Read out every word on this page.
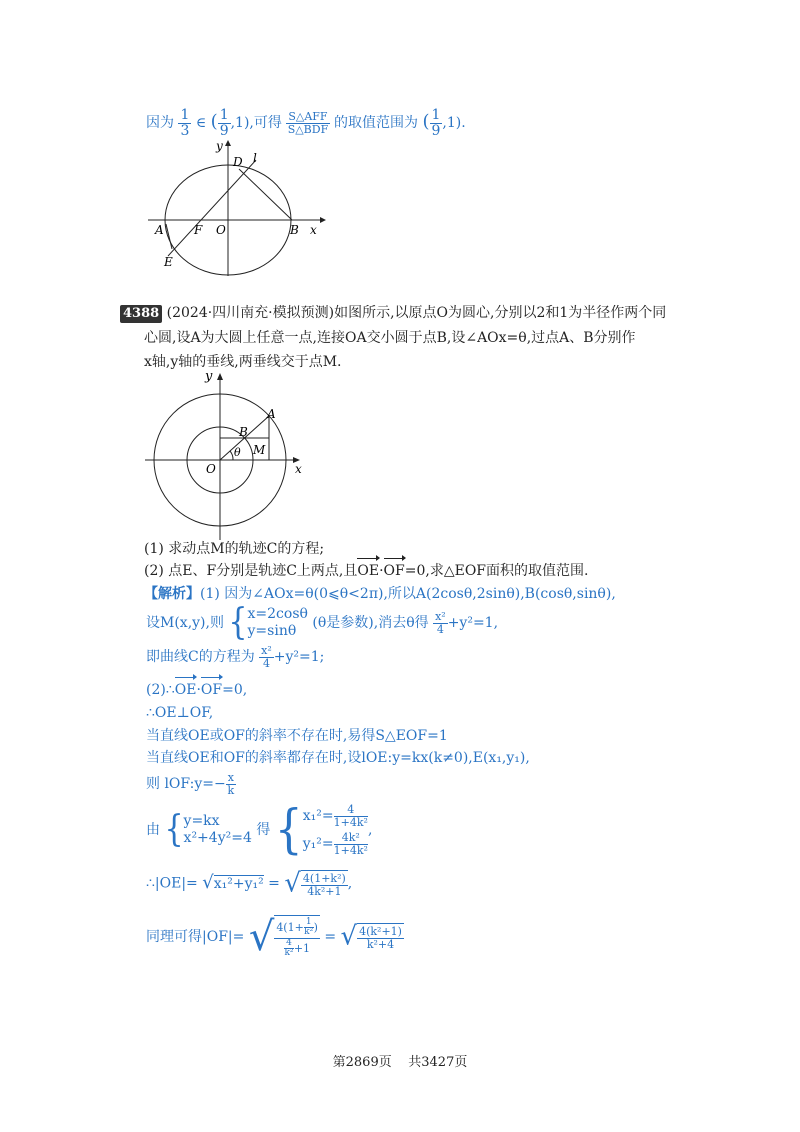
因为 $\frac{1}{3}$ ∈ ( $\frac{1}{9} ,1$),可得 $\frac{\text{S△AFF}}{\text{S△BDF}}$ 的取值范围为 ( $\frac{1}{9} ,1$).
y
D l
A	F O	B x
E
4388 (2024·四川南充·模拟预测)如图所示,以原点O为圆心,分别以2和1为半径作两个同
心圆,设A为大圆上任意一点,连接OA交小圆于点B,设∠AOx=θ,过点A、B分别作
x轴,y轴的垂线,两垂线交于点M.
y
A
B
θ M
O	x
(1) 求动点M的轨迹C的方程;
(2) 点E、F分别是轨迹C上两点,且OE·OF=0,求△EOF面积的取值范围.
【解析】(1) 因为∠AOx=θ(0⩽θ<2π),所以A(2cosθ,2sinθ),B(cosθ,sinθ),
设M(x,y),则 { x=2cosθ
y=sinθ	(θ是参数),消去θ得 $\frac{\text{x²}}{4} +y^2=1$,
即曲线C的方程为 $\frac{\text{x²}}{4} +y^2=1$;
(2)∴OE·OF=0,
∴OE⊥OF,
当直线OE或OF的斜率不存在时,易得S△EOF=1
当直线OE和OF的斜率都存在时,设lOE:y=kx(k≠0),E(x₁,y₁),
则 lOF:y=− $\frac{x}{k}$
由 { y=kx
x²+4y²=4 得 { $x_1^2= \frac{4}{\text{1+4k²}}$
$y_1^2= \frac{\text{4k²}}{\text{1+4k²}}$
,
∴|OE|= √x₁²+y₁² = √ $\frac{\text{4(1+k²)}}{\text{4k²+1}}$ ,
同理可得|OF|= √ $\frac{4(1+ \frac{1}{\text{k²}} )}{\frac{4}{\text{k²}} +1}$ = √ $\frac{\text{4(k²+1)}}{\text{k²+4}}$
第2869页 共3427页
